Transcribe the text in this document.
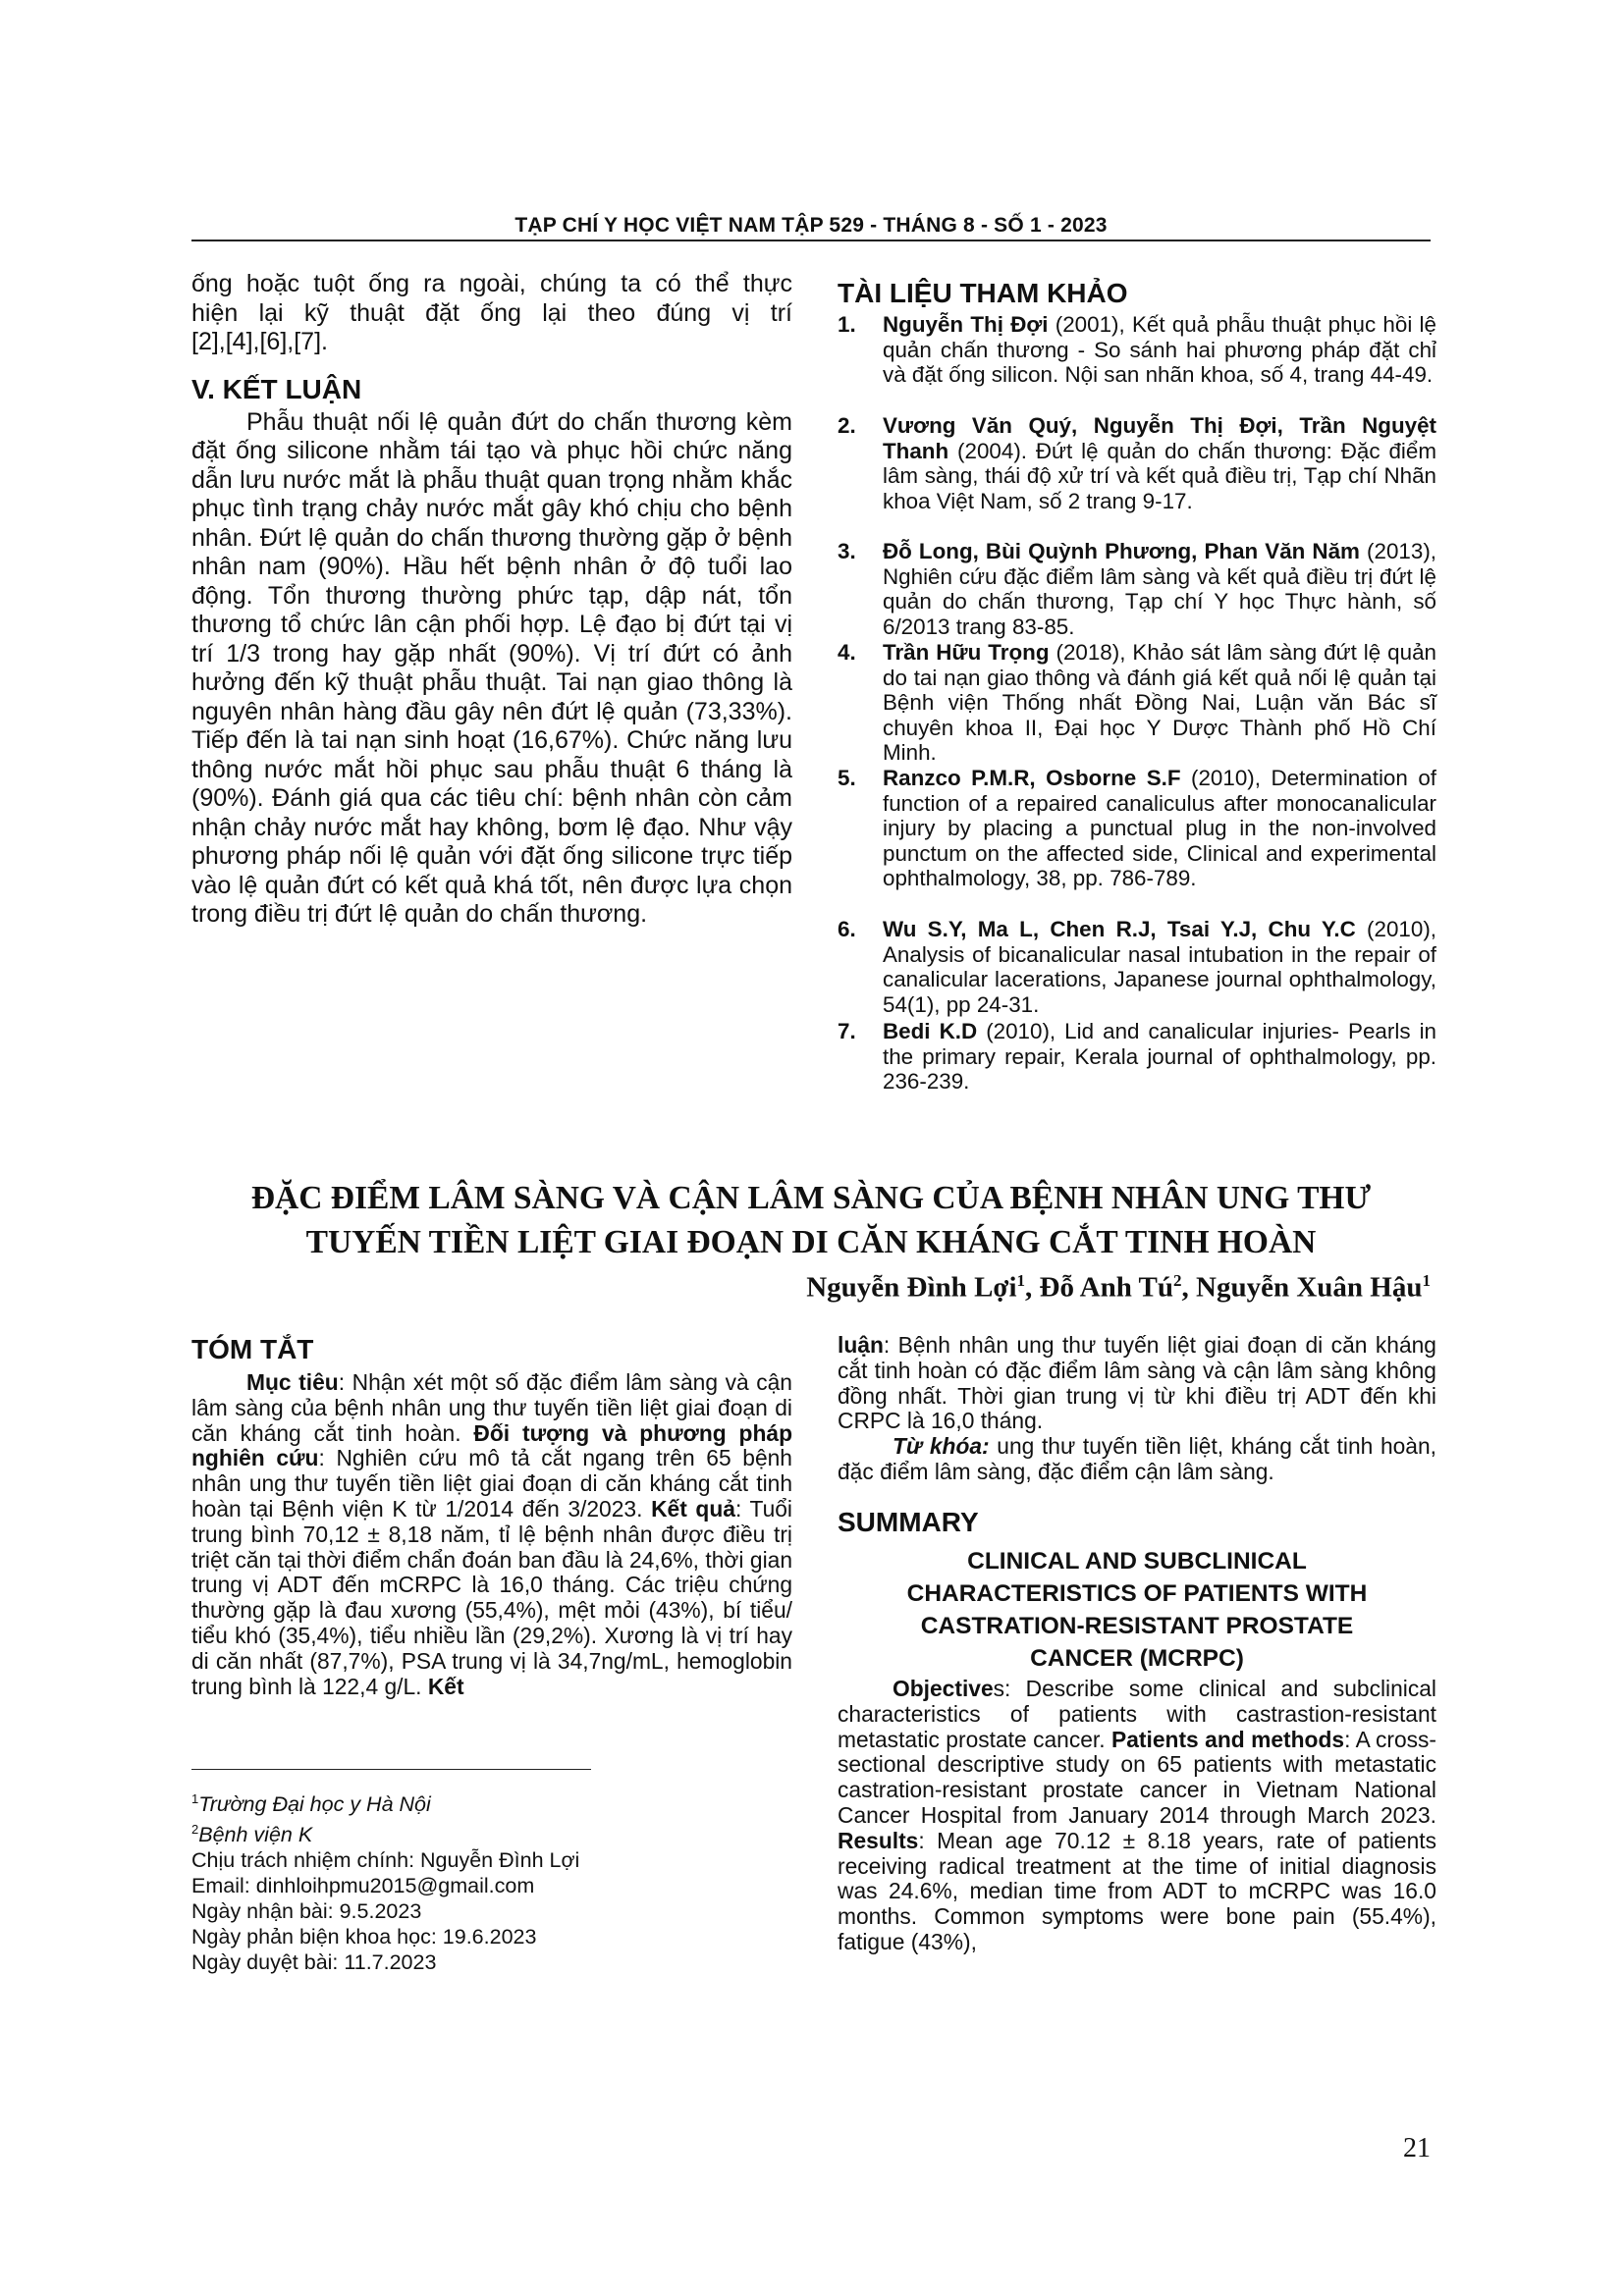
TẠP CHÍ Y HỌC VIỆT NAM TẬP 529 - THÁNG 8 - SỐ 1 - 2023
ống hoặc tuột ống ra ngoài, chúng ta có thể thực
hiện lại kỹ thuật đặt ống lại theo đúng vị trí
[2],[4],[6],[7].
V. KẾT LUẬN
Phẫu thuật nối lệ quản đứt do chấn thương kèm đặt ống silicone nhằm tái tạo và phục hồi chức năng dẫn lưu nước mắt là phẫu thuật quan trọng nhằm khắc phục tình trạng chảy nước mắt gây khó chịu cho bệnh nhân. Đứt lệ quản do chấn thương thường gặp ở bệnh nhân nam (90%). Hầu hết bệnh nhân ở độ tuổi lao động. Tổn thương thường phức tạp, dập nát, tổn thương tổ chức lân cận phối hợp. Lệ đạo bị đứt tại vị trí 1/3 trong hay gặp nhất (90%). Vị trí đứt có ảnh hưởng đến kỹ thuật phẫu thuật. Tai nạn giao thông là nguyên nhân hàng đầu gây nên đứt lệ quản (73,33%). Tiếp đến là tai nạn sinh hoạt (16,67%). Chức năng lưu thông nước mắt hồi phục sau phẫu thuật 6 tháng là (90%). Đánh giá qua các tiêu chí: bệnh nhân còn cảm nhận chảy nước mắt hay không, bơm lệ đạo. Như vậy phương pháp nối lệ quản với đặt ống silicone trực tiếp vào lệ quản đứt có kết quả khá tốt, nên được lựa chọn trong điều trị đứt lệ quản do chấn thương.
TÀI LIỆU THAM KHẢO
1. Nguyễn Thị Đợi (2001), Kết quả phẫu thuật phục hồi lệ quản chấn thương - So sánh hai phương pháp đặt chỉ và đặt ống silicon. Nội san nhãn khoa, số 4, trang 44-49.
2. Vương Văn Quý, Nguyễn Thị Đợi, Trần Nguyệt Thanh (2004). Đứt lệ quản do chấn thương: Đặc điểm lâm sàng, thái độ xử trí và kết quả điều trị, Tạp chí Nhãn khoa Việt Nam, số 2 trang 9-17.
3. Đỗ Long, Bùi Quỳnh Phương, Phan Văn Năm (2013), Nghiên cứu đặc điểm lâm sàng và kết quả điều trị đứt lệ quản do chấn thương, Tạp chí Y học Thực hành, số 6/2013 trang 83-85.
4. Trần Hữu Trọng (2018), Khảo sát lâm sàng đứt lệ quản do tai nạn giao thông và đánh giá kết quả nối lệ quản tại Bệnh viện Thống nhất Đồng Nai, Luận văn Bác sĩ chuyên khoa II, Đại học Y Dược Thành phố Hồ Chí Minh.
5. Ranzco P.M.R, Osborne S.F (2010), Determination of function of a repaired canaliculus after monocanalicular injury by placing a punctual plug in the non-involved punctum on the affected side, Clinical and experimental ophthalmology, 38, pp. 786-789.
6. Wu S.Y, Ma L, Chen R.J, Tsai Y.J, Chu Y.C (2010), Analysis of bicanalicular nasal intubation in the repair of canalicular lacerations, Japanese journal ophthalmology, 54(1), pp 24-31.
7. Bedi K.D (2010), Lid and canalicular injuries- Pearls in the primary repair, Kerala journal of ophthalmology, pp. 236-239.
ĐẶC ĐIỂM LÂM SÀNG VÀ CẬN LÂM SÀNG CỦA BỆNH NHÂN UNG THƯ
TUYẾN TIỀN LIỆT GIAI ĐOẠN DI CĂN KHÁNG CẮT TINH HOÀN
Nguyễn Đình Lợi$^1$, Đỗ Anh $Tú^2$, Nguyễn Xuân Hậu$^1$
TÓM TẮT
Mục tiêu: Nhận xét một số đặc điểm lâm sàng và cận lâm sàng của bệnh nhân ung thư tuyến tiền liệt giai đoạn di căn kháng cắt tinh hoàn. Đối tượng và phương pháp nghiên cứu: Nghiên cứu mô tả cắt ngang trên 65 bệnh nhân ung thư tuyến tiền liệt giai đoạn di căn kháng cắt tinh hoàn tại Bệnh viện K từ 1/2014 đến 3/2023. Kết quả: Tuổi trung bình 70,12 ± 8,18 năm, tỉ lệ bệnh nhân được điều trị triệt căn tại thời điểm chẩn đoán ban đầu là 24,6%, thời gian trung vị ADT đến mCRPC là 16,0 tháng. Các triệu chứng thường gặp là đau xương (55,4%), mệt mỏi (43%), bí tiểu/ tiểu khó (35,4%), tiểu nhiều lần (29,2%). Xương là vị trí hay di căn nhất (87,7%), PSA trung vị là 34,7ng/mL, hemoglobin trung bình là 122,4 g/L. Kết
$^1$Trường Đại học y Hà Nội
$^2$Bệnh viện K
Chịu trách nhiệm chính: Nguyễn Đình Lợi
Email: dinhloihpmu2015@gmail.com
Ngày nhận bài: 9.5.2023
Ngày phản biện khoa học: 19.6.2023
Ngày duyệt bài: 11.7.2023
luận: Bệnh nhân ung thư tuyến liệt giai đoạn di căn kháng cắt tinh hoàn có đặc điểm lâm sàng và cận lâm sàng không đồng nhất. Thời gian trung vị từ khi điều trị ADT đến khi CRPC là 16,0 tháng.
Từ khóa: ung thư tuyến tiền liệt, kháng cắt tinh hoàn, đặc điểm lâm sàng, đặc điểm cận lâm sàng.
SUMMARY
CLINICAL AND SUBCLINICAL
CHARACTERISTICS OF PATIENTS WITH
CASTRATION-RESISTANT PROSTATE
CANCER (MCRPC)
Objectives: Describe some clinical and subclinical characteristics of patients with castrastion-resistant metastatic prostate cancer. Patients and methods: A cross-sectional descriptive study on 65 patients with metastatic castration-resistant prostate cancer in Vietnam National Cancer Hospital from January 2014 through March 2023. Results: Mean age 70.12 ± 8.18 years, rate of patients receiving radical treatment at the time of initial diagnosis was 24.6%, median time from ADT to mCRPC was 16.0 months. Common symptoms were bone pain (55.4%), fatigue (43%),
21
